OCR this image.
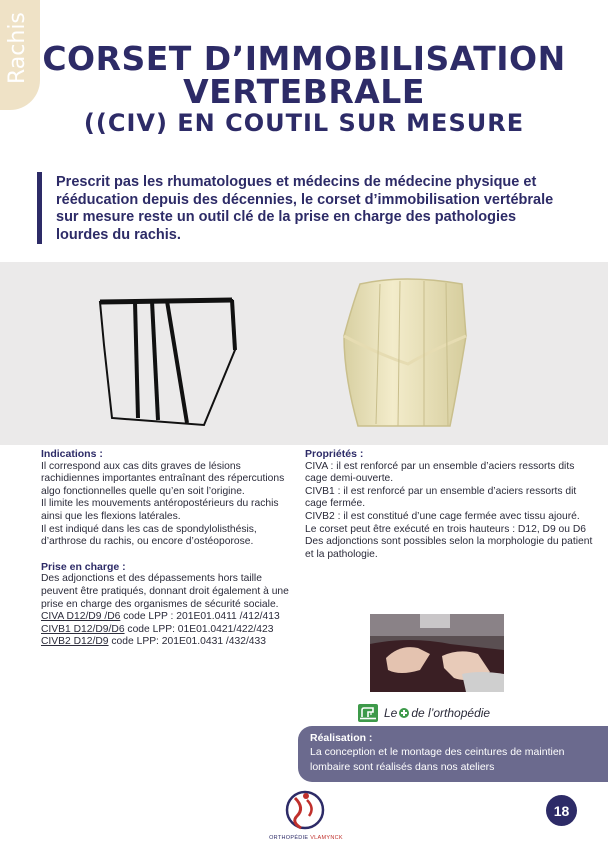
Rachis CORSET D’IMMOBILISATION
VERTEBRALE
((CIV) EN COUTIL SUR MESURE
Prescrit pas les rhumatologues et médecins de médecine physique et rééducation depuis des décennies, le corset d’immobilisation vertébrale sur mesure reste un outil clé de la prise en charge des pathologies lourdes du rachis.
Indications :
Il correspond aux cas dits graves de lésions rachidiennes importantes entraînant des répercutions algo fonctionnelles quelle qu’en soit l’origine.
Il limite les mouvements antéropostérieurs du rachis ainsi que les flexions latérales.
Il est indiqué dans les cas de spondylolisthésis, d’arthrose du rachis, ou encore d’ostéoporose.
Prise en charge :
Des adjonctions et des dépassements hors taille peuvent être pratiqués, donnant droit également à une prise en charge des organismes de sécurité sociale.
CIVA D12/D9 /D6 code LPP : 201E01.0411 /412/413
CIVB1 D12/D9/D6 code LPP: 01E01.0421/422/423
CIVB2 D12/D9 code LPP: 201E01.0431 /432/433
Propriétés :
CIVA : il est renforcé par un ensemble d’aciers ressorts dits cage demi-ouverte.
CIVB1 : il est renforcé par un ensemble d’aciers ressorts dit cage fermée.
CIVB2 : il est constitué d’une cage fermée avec tissu ajouré.
Le corset peut être exécuté en trois hauteurs : D12, D9 ou D6
Des adjonctions sont possibles selon la morphologie du patient et la pathologie.
Le de l’orthopédie
Réalisation :
La conception et le montage des ceintures de maintien lombaire sont réalisés dans nos ateliers
ORTHOPÉDIE VLAMYNCK
18
